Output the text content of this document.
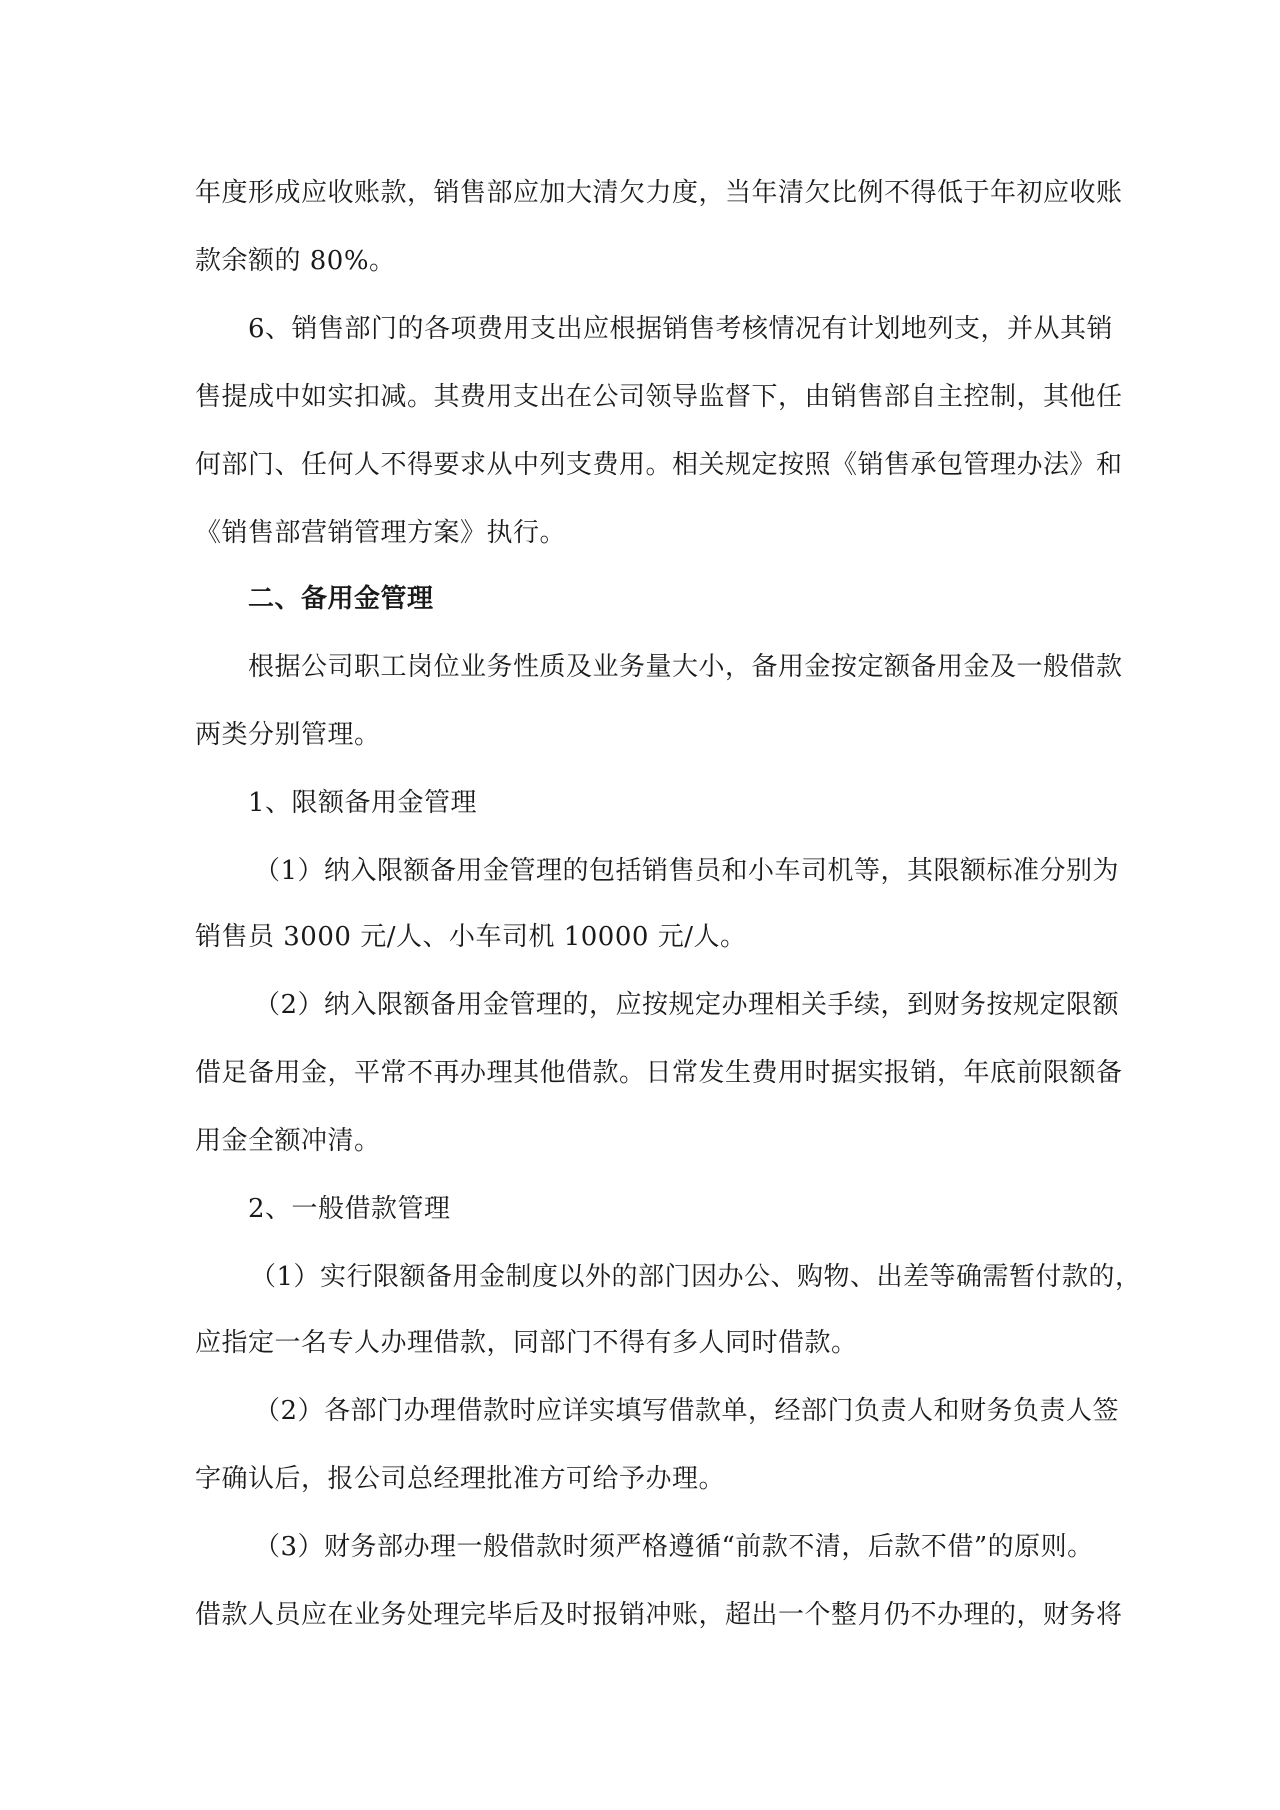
年度形成应收账款，销售部应加大清欠力度，当年清欠比例不得低于年初应收账
款余额的 80%。
6、销售部门的各项费用支出应根据销售考核情况有计划地列支，并从其销
售提成中如实扣减。其费用支出在公司领导监督下，由销售部自主控制，其他任
何部门、任何人不得要求从中列支费用。相关规定按照《销售承包管理办法》和
《销售部营销管理方案》执行。
二、备用金管理
根据公司职工岗位业务性质及业务量大小，备用金按定额备用金及一般借款
两类分别管理。
1、限额备用金管理
（1）纳入限额备用金管理的包括销售员和小车司机等，其限额标准分别为
销售员 3000 元/人、小车司机 10000 元/人。
（2）纳入限额备用金管理的，应按规定办理相关手续，到财务按规定限额
借足备用金，平常不再办理其他借款。日常发生费用时据实报销，年底前限额备
用金全额冲清。
2、一般借款管理
（1）实行限额备用金制度以外的部门因办公、购物、出差等确需暂付款的，
应指定一名专人办理借款，同部门不得有多人同时借款。
（2）各部门办理借款时应详实填写借款单，经部门负责人和财务负责人签
字确认后，报公司总经理批准方可给予办理。
（3）财务部办理一般借款时须严格遵循“前款不清，后款不借”的原则。
借款人员应在业务处理完毕后及时报销冲账，超出一个整月仍不办理的，财务将
